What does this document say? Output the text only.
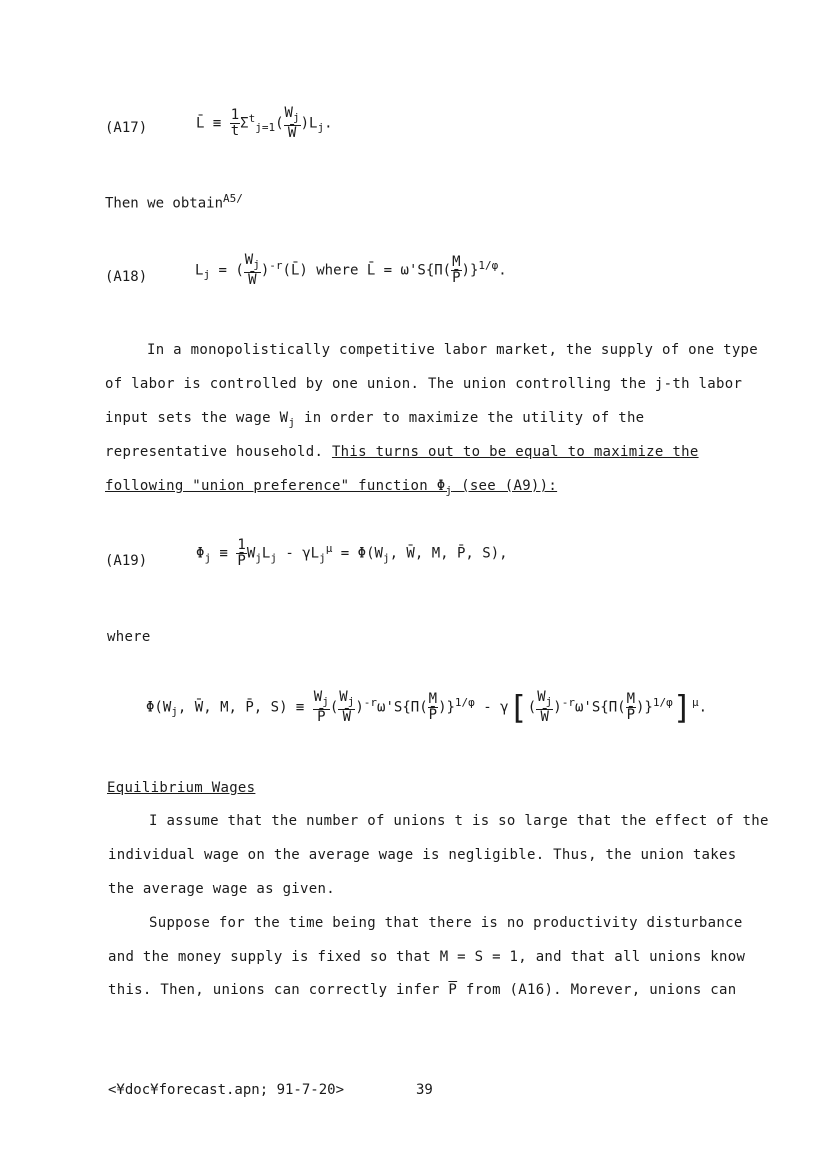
(A17)	L̄ ≡ $\frac{1}{t} \Sigma^t_{j=1}( \frac{W_j}{W̄} )L_j$.
Then we obtain$^{A5/}$
(A18)	$L_j$ = ( $\frac{W_j}{W̄}$ )$^{-r}$(L̄) where L̄ = $\omega'S\{\Pi( \frac{M}{P̄} )\}^{1/\varphi}$.
In a monopolistically competitive labor market, the supply of one type
of labor is controlled by one union. The union controlling the j-th labor
input sets the wage $W_j$ in order to maximize the utility of the
representative household. This turns out to be equal to maximize the
following "union preference" function $\Phi_j$ (see (A9)):
(A19)	$\Phi_j \equiv \frac{1}{P̄} W_jL_j - \gamma L_j^\mu = \Phi(W_j$, W̄, M, P̄, S),
where
$\Phi(W_j$, W̄, M, P̄, $S) \equiv \frac{W_j}{P̄}$ ( $\frac{W_j}{W̄} )^{-r}\omega'S\{\Pi( \frac{M}{P̄} )\}^{1/\varphi} - \gamma[( \frac{W_j}{W̄} )^{-r}\omega'S\{\Pi( \frac{M}{P̄} )\}^{1/\varphi}]^\mu$.
Equilibrium Wages
I assume that the number of unions t is so large that the effect of the
individual wage on the average wage is negligible. Thus, the union takes
the average wage as given.
Suppose for the time being that there is no productivity disturbance
and the money supply is fixed so that M = S = 1, and that all unions know
this. Then, unions can correctly infer $\overline{P}$ from (A16). Morever, unions can
<¥doc¥forecast.apn; 91-7-20>	39
